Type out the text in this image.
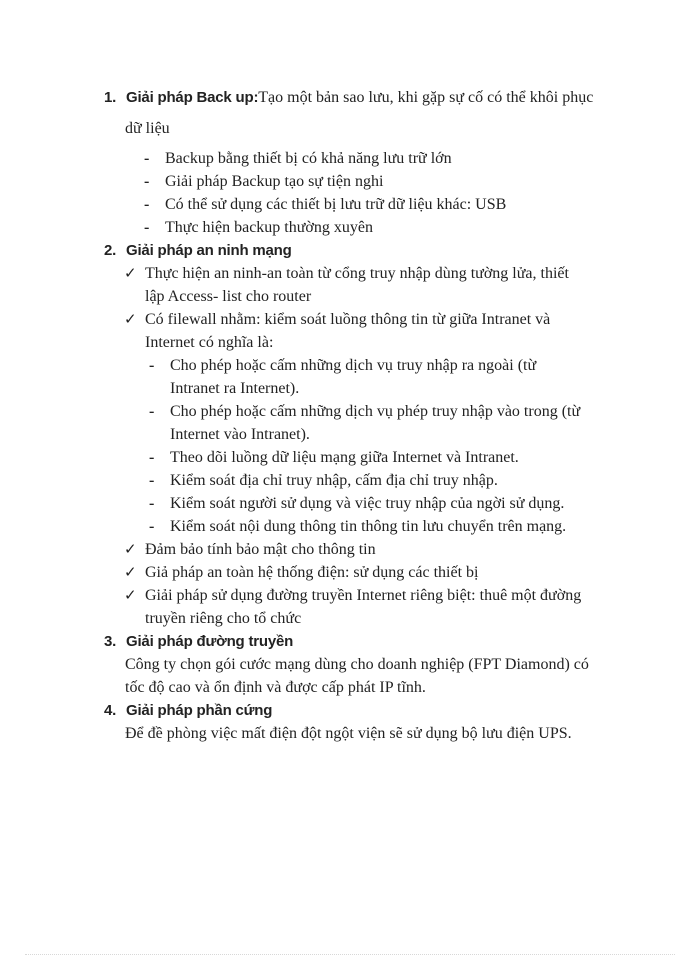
1. Giải pháp Back up:Tạo một bản sao lưu, khi gặp sự cố có thể khôi phục
dữ liệu
- Backup bằng thiết bị có khả năng lưu trữ lớn
- Giải pháp Backup tạo sự tiện nghi
- Có thể sử dụng các thiết bị lưu trữ dữ liệu khác: USB
- Thực hiện backup thường xuyên
2. Giải pháp an ninh mạng
✓ Thực hiện an ninh-an toàn từ cổng truy nhập dùng tường lửa, thiết
lập Access- list cho router
✓ Có filewall nhằm: kiểm soát luồng thông tin từ giữa Intranet và
Internet có nghĩa là:
- Cho phép hoặc cấm những dịch vụ truy nhập ra ngoài (từ
Intranet ra Internet).
- Cho phép hoặc cấm những dịch vụ phép truy nhập vào trong (từ
Internet vào Intranet).
- Theo dõi luồng dữ liệu mạng giữa Internet và Intranet.
- Kiểm soát địa chỉ truy nhập, cấm địa chỉ truy nhập.
- Kiểm soát người sử dụng và việc truy nhập của ngời sử dụng.
- Kiểm soát nội dung thông tin thông tin lưu chuyển trên mạng.
✓ Đảm bảo tính bảo mật cho thông tin
✓ Giả pháp an toàn hệ thống điện: sử dụng các thiết bị
✓ Giải pháp sử dụng đường truyền Internet riêng biệt: thuê một đường
truyền riêng cho tổ chức
3. Giải pháp đường truyền
Công ty chọn gói cước mạng dùng cho doanh nghiệp (FPT Diamond) có
tốc độ cao và ổn định và được cấp phát IP tĩnh.
4. Giải pháp phần cứng
Để đề phòng việc mất điện đột ngột viện sẽ sử dụng bộ lưu điện UPS.
